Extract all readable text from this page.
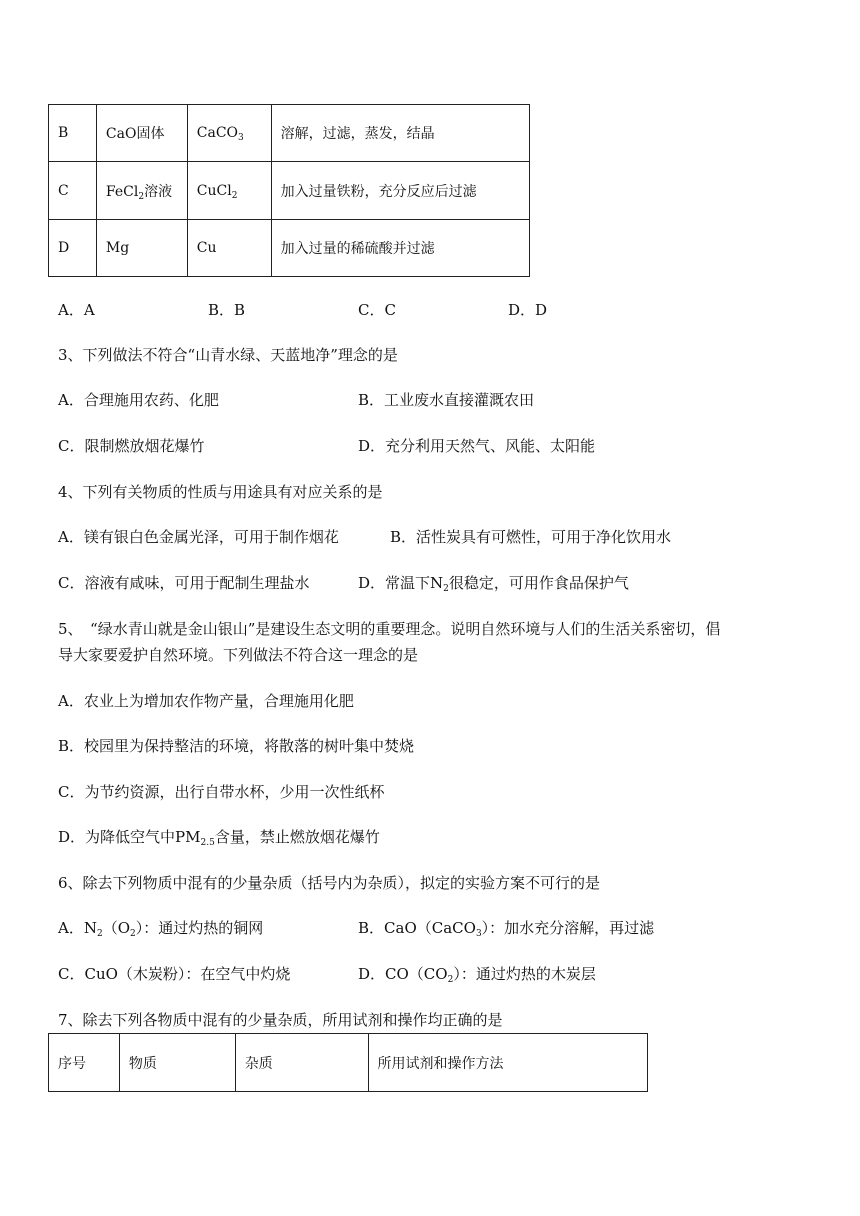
B	CaO固体	CaCO$_3$	溶解，过滤，蒸发，结晶
C	FeCl$_2$溶液	CuCl$_2$	加入过量铁粉，充分反应后过滤
D	Mg	Cu	加入过量的稀硫酸并过滤
A．A	B．B	C．C	D．D
3、下列做法不符合“山青水绿、天蓝地净”理念的是
A．合理施用农药、化肥	B．工业废水直接灌溉农田
C．限制燃放烟花爆竹	D．充分利用天然气、风能、太阳能
4、下列有关物质的性质与用途具有对应关系的是
A．镁有银白色金属光泽，可用于制作烟花	B．活性炭具有可燃性，可用于净化饮用水
C．溶液有咸味，可用于配制生理盐水	D．常温下$N_2$很稳定，可用作食品保护气
5、　“绿水青山就是金山银山”是建设生态文明的重要理念。说明自然环境与人们的生活关系密切，倡
导大家要爱护自然环境。下列做法不符合这一理念的是
A．农业上为增加农作物产量，合理施用化肥
B．校园里为保持整洁的环境，将散落的树叶集中焚烧
C．为节约资源，出行自带水杯，少用一次性纸杯
D．为降低空气中$PM_{2.5}$含量，禁止燃放烟花爆竹
6、除去下列物质中混有的少量杂质（括号内为杂质），拟定的实验方案不可行的是
A．$N_2(O_2)$：通过灼热的铜网	B．CaO（CaCO$_3$）：加水充分溶解，再过滤
C．CuO（木炭粉）：在空气中灼烧	D．$CO(CO_2)$：通过灼热的木炭层
7、除去下列各物质中混有的少量杂质，所用试剂和操作均正确的是
序号	物质	杂质	所用试剂和操作方法
